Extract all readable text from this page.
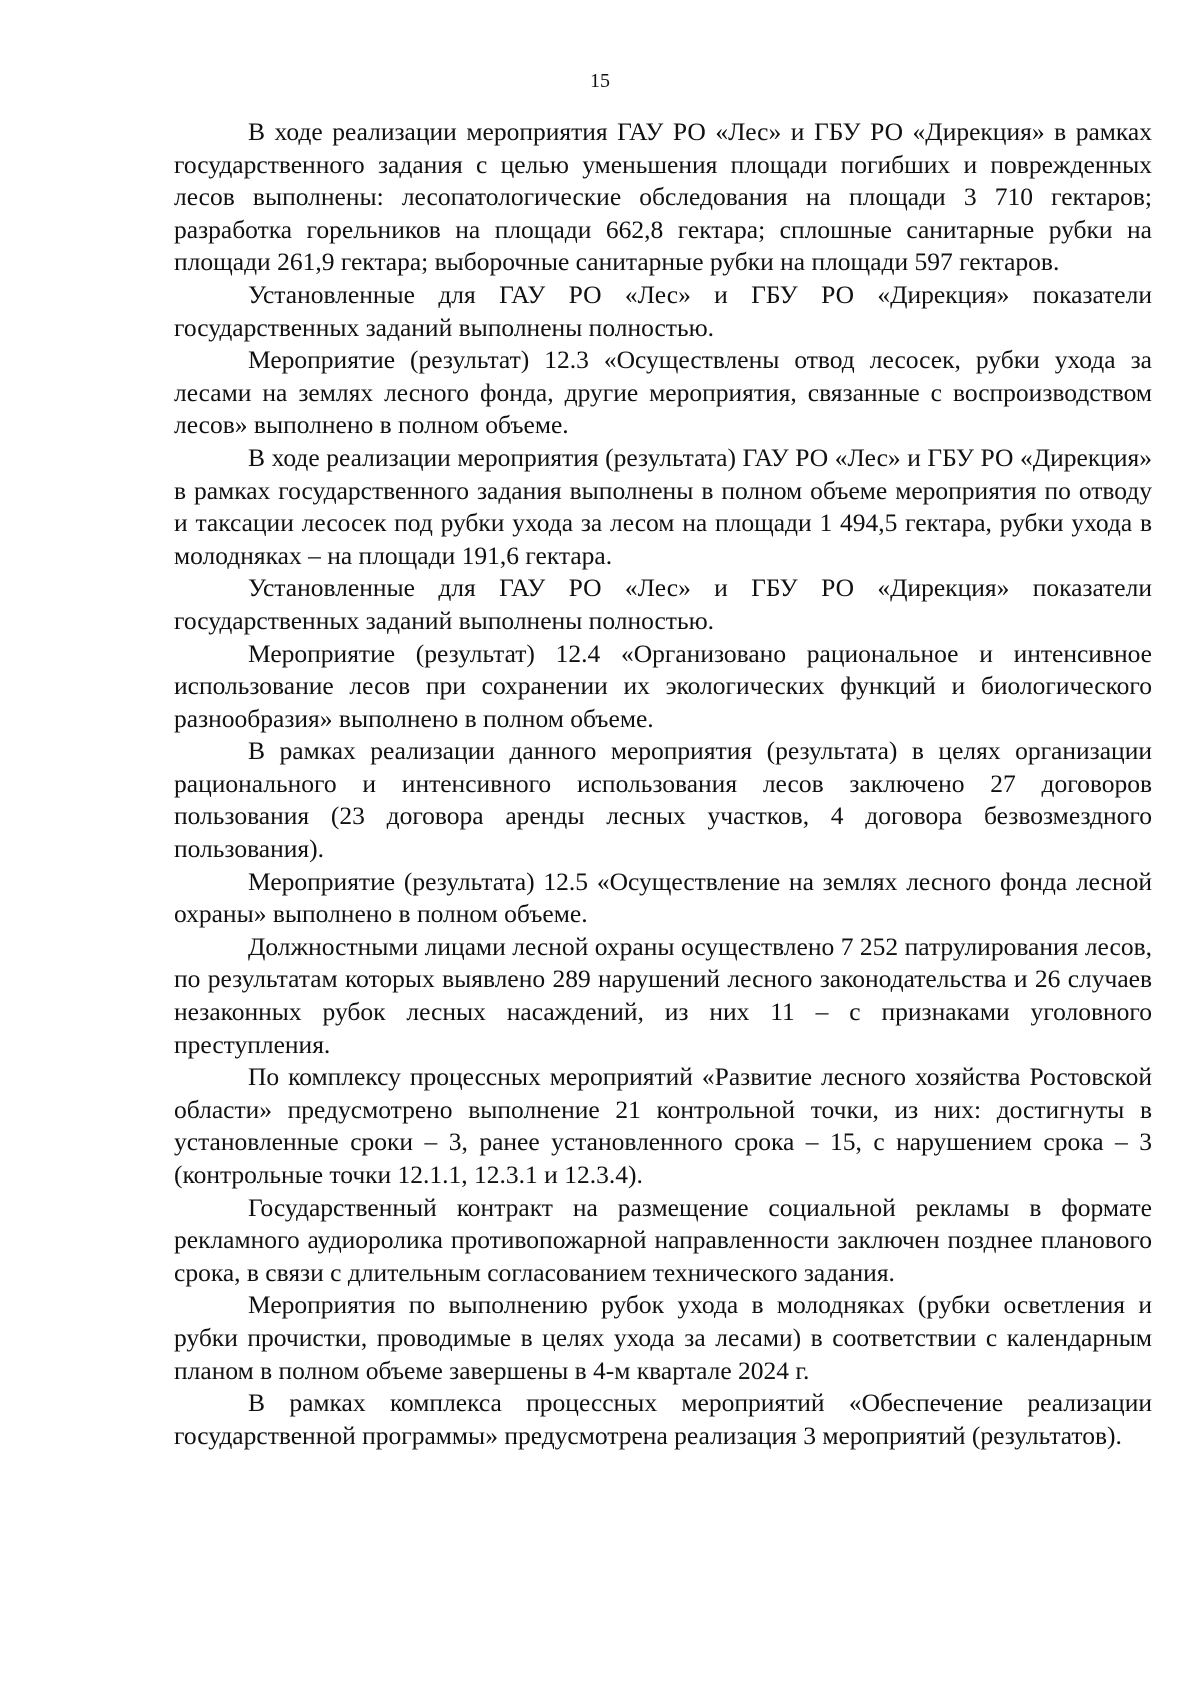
15

В ходе реализации мероприятия ГАУ РО «Лес» и ГБУ РО «Дирекция» в рамках государственного задания с целью уменьшения площади погибших и поврежденных лесов выполнены: лесопатологические обследования на площади 3 710 гектаров; разработка горельников на площади 662,8 гектара; сплошные санитарные рубки на площади 261,9 гектара; выборочные санитарные рубки на площади 597 гектаров.

Установленные для ГАУ РО «Лес» и ГБУ РО «Дирекция» показатели государственных заданий выполнены полностью.

Мероприятие (результат) 12.3 «Осуществлены отвод лесосек, рубки ухода за лесами на землях лесного фонда, другие мероприятия, связанные с воспроизводством лесов» выполнено в полном объеме.

В ходе реализации мероприятия (результата) ГАУ РО «Лес» и ГБУ РО «Дирекция» в рамках государственного задания выполнены в полном объеме мероприятия по отводу и таксации лесосек под рубки ухода за лесом на площади 1 494,5 гектара, рубки ухода в молодняках – на площади 191,6 гектара.

Установленные для ГАУ РО «Лес» и ГБУ РО «Дирекция» показатели государственных заданий выполнены полностью.

Мероприятие (результат) 12.4 «Организовано рациональное и интенсивное использование лесов при сохранении их экологических функций и биологического разнообразия» выполнено в полном объеме.

В рамках реализации данного мероприятия (результата) в целях организации рационального и интенсивного использования лесов заключено 27 договоров пользования (23 договора аренды лесных участков, 4 договора безвозмездного пользования).

Мероприятие (результата) 12.5 «Осуществление на землях лесного фонда лесной охраны» выполнено в полном объеме.

Должностными лицами лесной охраны осуществлено 7 252 патрулирования лесов, по результатам которых выявлено 289 нарушений лесного законодательства и 26 случаев незаконных рубок лесных насаждений, из них 11 – с признаками уголовного преступления.

По комплексу процессных мероприятий «Развитие лесного хозяйства Ростовской области» предусмотрено выполнение 21 контрольной точки, из них: достигнуты в установленные сроки – 3, ранее установленного срока – 15, с нарушением срока – 3 (контрольные точки 12.1.1, 12.3.1 и 12.3.4).

Государственный контракт на размещение социальной рекламы в формате рекламного аудиоролика противопожарной направленности заключен позднее планового срока, в связи с длительным согласованием технического задания.

Мероприятия по выполнению рубок ухода в молодняках (рубки осветления и рубки прочистки, проводимые в целях ухода за лесами) в соответствии с календарным планом в полном объеме завершены в 4-м квартале 2024 г.

В рамках комплекса процессных мероприятий «Обеспечение реализации государственной программы» предусмотрена реализация 3 мероприятий (результатов).
